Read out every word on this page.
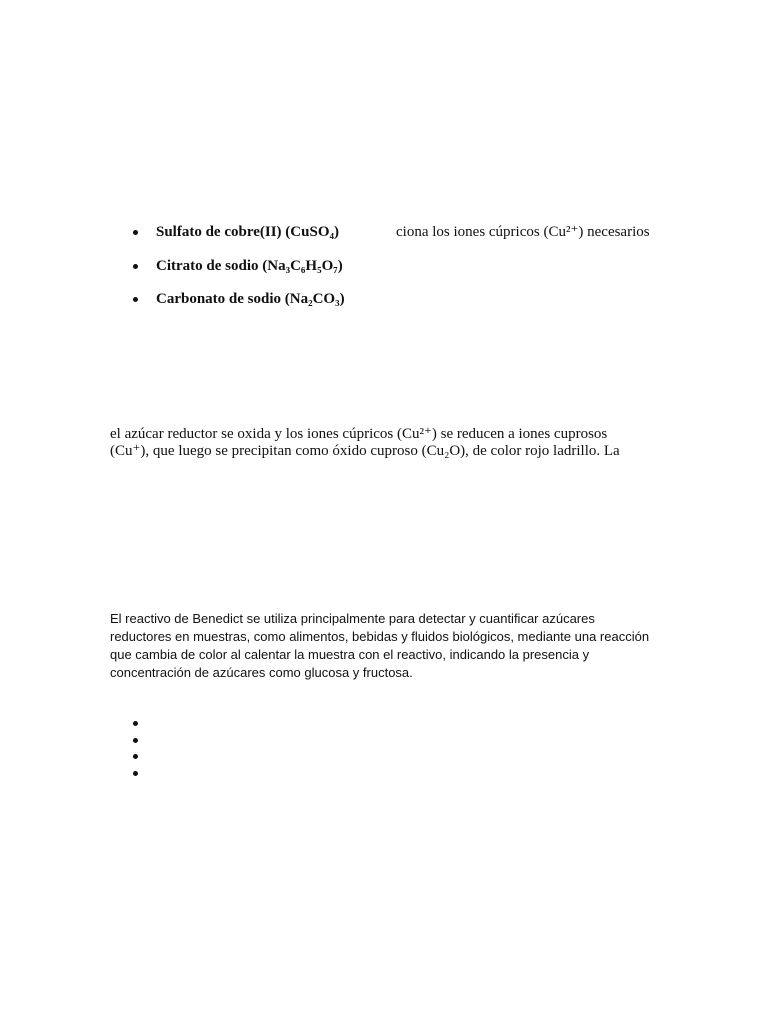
Sulfato de cobre(II) (CuSO₄)
Citrato de sodio (Na₃C₆H₅O₇)
Carbonato de sodio (Na₂CO₃)
ciona los iones cúpricos (Cu²⁺) necesarios
el azúcar reductor se oxida y los iones cúpricos (Cu²⁺) se reducen a iones cuprosos
(Cu⁺), que luego se precipitan como óxido cuproso (Cu₂O), de color rojo ladrillo. La
El reactivo de Benedict se utiliza principalmente para detectar y cuantificar azúcares
reductores en muestras, como alimentos, bebidas y fluidos biológicos, mediante una reacción
que cambia de color al calentar la muestra con el reactivo, indicando la presencia y
concentración de azúcares como glucosa y fructosa.
